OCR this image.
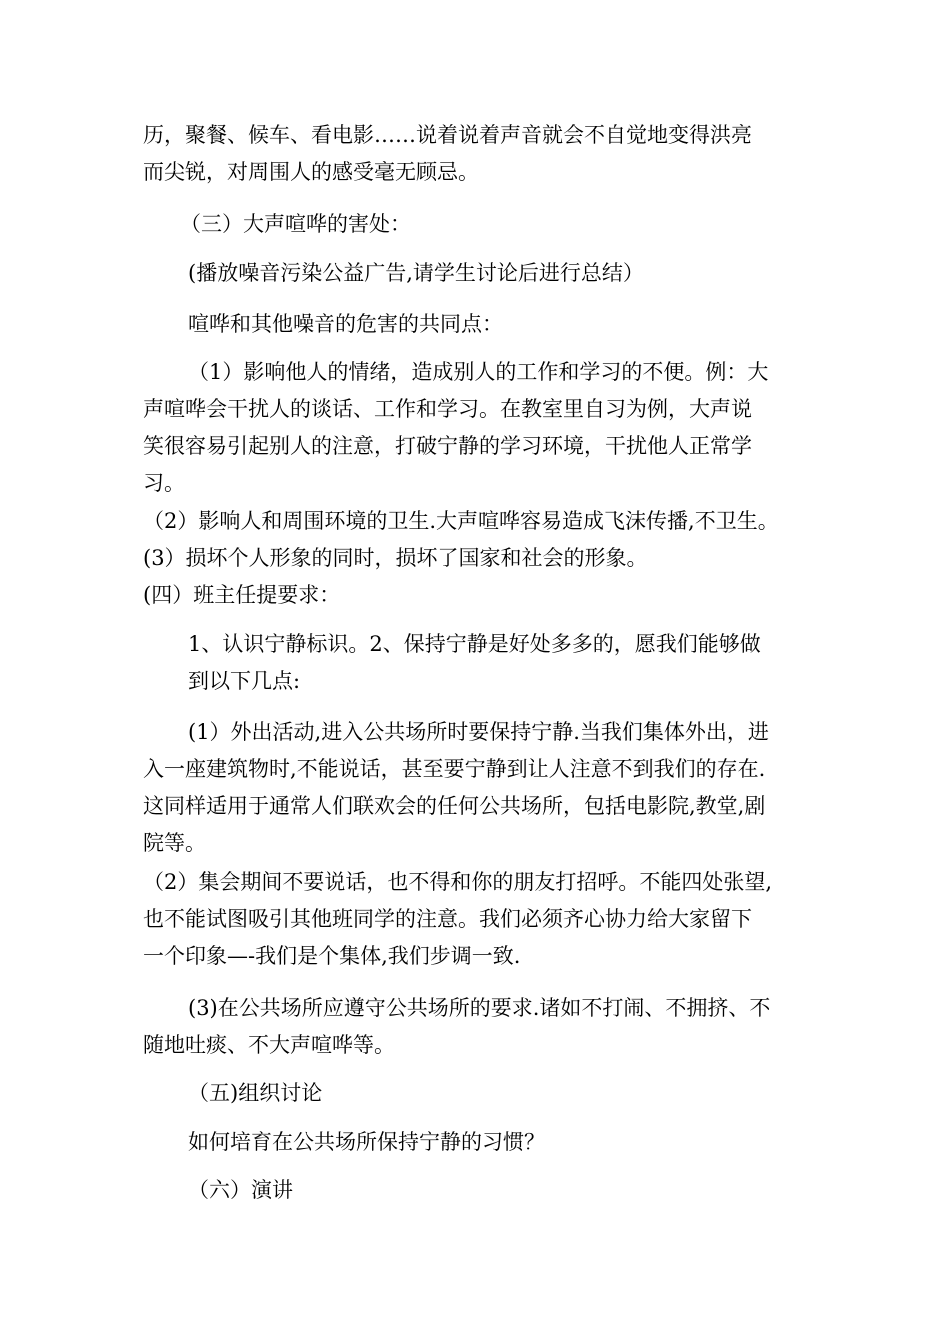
历，聚餐、候车、看电影……说着说着声音就会不自觉地变得洪亮
而尖锐，对周围人的感受毫无顾忌。
（三）大声喧哗的害处：
(播放噪音污染公益广告,请学生讨论后进行总结）
喧哗和其他噪音的危害的共同点：
（1）影响他人的情绪，造成别人的工作和学习的不便。例：大
声喧哗会干扰人的谈话、工作和学习。在教室里自习为例，大声说
笑很容易引起别人的注意，打破宁静的学习环境，干扰他人正常学
习。
（2）影响人和周围环境的卫生.大声喧哗容易造成飞沫传播,不卫生。
(3）损坏个人形象的同时，损坏了国家和社会的形象。
(四）班主任提要求：
1、认识宁静标识。2、保持宁静是好处多多的，愿我们能够做
到以下几点:
(1）外出活动,进入公共场所时要保持宁静.当我们集体外出，进
入一座建筑物时,不能说话，甚至要宁静到让人注意不到我们的存在.
这同样适用于通常人们联欢会的任何公共场所，包括电影院,教堂,剧
院等。
（2）集会期间不要说话，也不得和你的朋友打招呼。不能四处张望,
也不能试图吸引其他班同学的注意。我们必须齐心协力给大家留下
一个印象—-我们是个集体,我们步调一致.
(3)在公共场所应遵守公共场所的要求.诸如不打闹、不拥挤、不
随地吐痰、不大声喧哗等。
（五)组织讨论
如何培育在公共场所保持宁静的习惯？
（六）演讲
